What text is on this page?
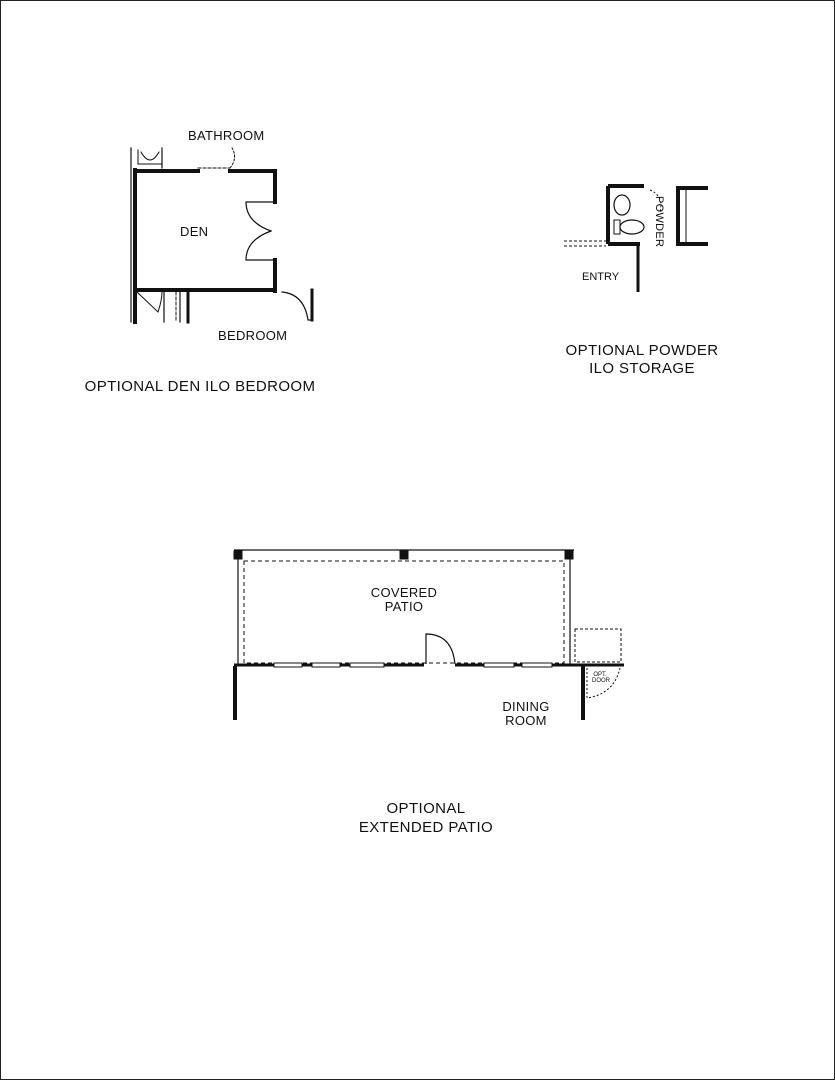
BATHROOM
DEN
BEDROOM
OPTIONAL DEN ILO BEDROOM
POWDER
ENTRY
OPTIONAL POWDER
ILO STORAGE
COVERED
PATIO
DINING
ROOM
OPT.
DOOR
OPTIONAL
EXTENDED PATIO
